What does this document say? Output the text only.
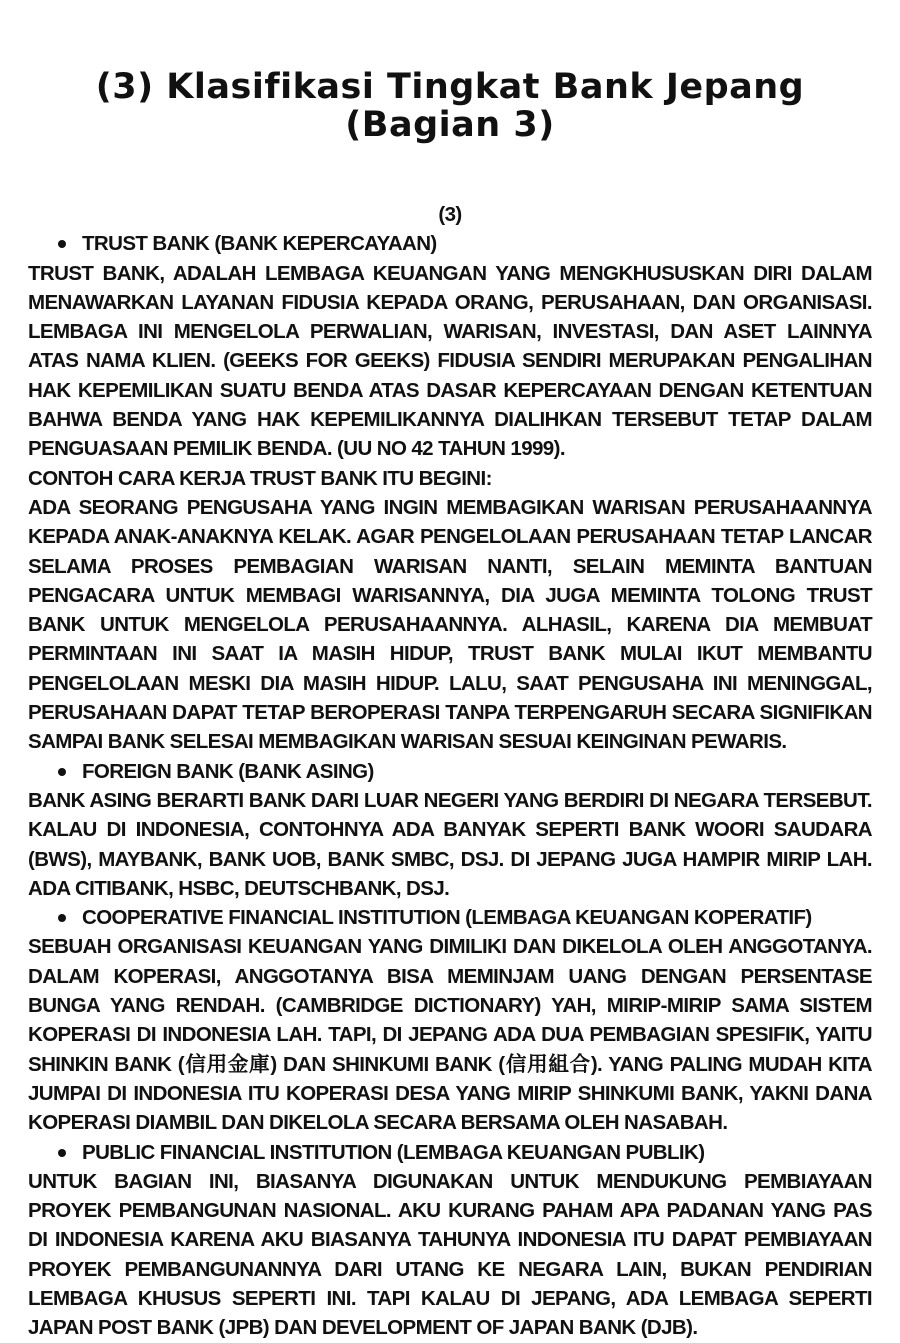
(3) Klasifikasi Tingkat Bank Jepang
(Bagian 3)

(3)

TRUST BANK (BANK KEPERCAYAAN)

TRUST BANK, ADALAH LEMBAGA KEUANGAN YANG MENGKHUSUSKAN DIRI DALAM MENAWARKAN LAYANAN FIDUSIA KEPADA ORANG, PERUSAHAAN, DAN ORGANISASI. LEMBAGA INI MENGELOLA PERWALIAN, WARISAN, INVESTASI, DAN ASET LAINNYA ATAS NAMA KLIEN. (GEEKS FOR GEEKS) FIDUSIA SENDIRI MERUPAKAN PENGALIHAN HAK KEPEMILIKAN SUATU BENDA ATAS DASAR KEPERCAYAAN DENGAN KETENTUAN BAHWA BENDA YANG HAK KEPEMILIKANNYA DIALIHKAN TERSEBUT TETAP DALAM PENGUASAAN PEMILIK BENDA. (UU NO 42 TAHUN 1999).

CONTOH CARA KERJA TRUST BANK ITU BEGINI:

ADA SEORANG PENGUSAHA YANG INGIN MEMBAGIKAN WARISAN PERUSAHAANNYA KEPADA ANAK-ANAKNYA KELAK. AGAR PENGELOLAAN PERUSAHAAN TETAP LANCAR SELAMA PROSES PEMBAGIAN WARISAN NANTI, SELAIN MEMINTA BANTUAN PENGACARA UNTUK MEMBAGI WARISANNYA, DIA JUGA MEMINTA TOLONG TRUST BANK UNTUK MENGELOLA PERUSAHAANNYA. ALHASIL, KARENA DIA MEMBUAT PERMINTAAN INI SAAT IA MASIH HIDUP, TRUST BANK MULAI IKUT MEMBANTU PENGELOLAAN MESKI DIA MASIH HIDUP. LALU, SAAT PENGUSAHA INI MENINGGAL, PERUSAHAAN DAPAT TETAP BEROPERASI TANPA TERPENGARUH SECARA SIGNIFIKAN SAMPAI BANK SELESAI MEMBAGIKAN WARISAN SESUAI KEINGINAN PEWARIS.

FOREIGN BANK (BANK ASING)

BANK ASING BERARTI BANK DARI LUAR NEGERI YANG BERDIRI DI NEGARA TERSEBUT. KALAU DI INDONESIA, CONTOHNYA ADA BANYAK SEPERTI BANK WOORI SAUDARA (BWS), MAYBANK, BANK UOB, BANK SMBC, DSJ. DI JEPANG JUGA HAMPIR MIRIP LAH. ADA CITIBANK, HSBC, DEUTSCHBANK, DSJ.

COOPERATIVE FINANCIAL INSTITUTION (LEMBAGA KEUANGAN KOPERATIF)

SEBUAH ORGANISASI KEUANGAN YANG DIMILIKI DAN DIKELOLA OLEH ANGGOTANYA. DALAM KOPERASI, ANGGOTANYA BISA MEMINJAM UANG DENGAN PERSENTASE BUNGA YANG RENDAH. (CAMBRIDGE DICTIONARY) YAH, MIRIP-MIRIP SAMA SISTEM KOPERASI DI INDONESIA LAH. TAPI, DI JEPANG ADA DUA PEMBAGIAN SPESIFIK, YAITU SHINKIN BANK (信用金庫) DAN SHINKUMI BANK (信用組合). YANG PALING MUDAH KITA JUMPAI DI INDONESIA ITU KOPERASI DESA YANG MIRIP SHINKUMI BANK, YAKNI DANA KOPERASI DIAMBIL DAN DIKELOLA SECARA BERSAMA OLEH NASABAH.

PUBLIC FINANCIAL INSTITUTION (LEMBAGA KEUANGAN PUBLIK)

UNTUK BAGIAN INI, BIASANYA DIGUNAKAN UNTUK MENDUKUNG PEMBIAYAAN PROYEK PEMBANGUNAN NASIONAL. AKU KURANG PAHAM APA PADANAN YANG PAS DI INDONESIA KARENA AKU BIASANYA TAHUNYA INDONESIA ITU DAPAT PEMBIAYAAN PROYEK PEMBANGUNANNYA DARI UTANG KE NEGARA LAIN, BUKAN PENDIRIAN LEMBAGA KHUSUS SEPERTI INI. TAPI KALAU DI JEPANG, ADA LEMBAGA SEPERTI JAPAN POST BANK (JPB) DAN DEVELOPMENT OF JAPAN BANK (DJB).
